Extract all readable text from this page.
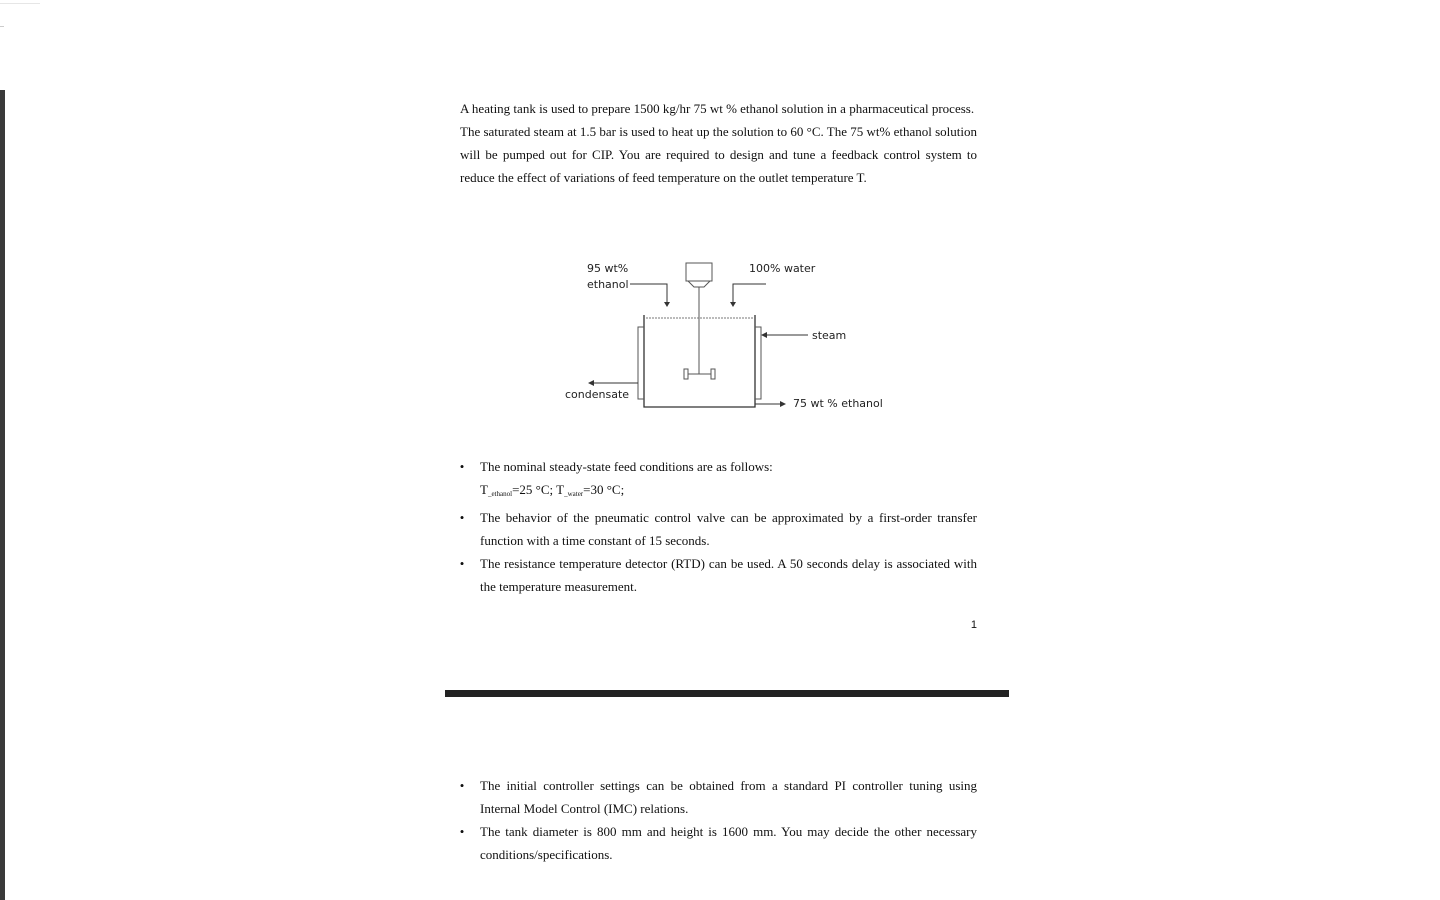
A heating tank is used to prepare 1500 kg/hr 75 wt % ethanol solution in a pharmaceutical process.

The saturated steam at 1.5 bar is used to heat up the solution to 60 °C. The 75 wt% ethanol solution will be pumped out for CIP. You are required to design and tune a feedback control system to reduce the effect of variations of feed temperature on the outlet temperature T.

95 wt%
ethanol
100% water
steam
condensate
75 wt % ethanol
•	The nominal steady-state feed conditions are as follows:
$T_{\_ethanol}=25$ °C; $T_{\_water}=30$ °C;
•	The behavior of the pneumatic control valve can be approximated by a first-order transfer function with a time constant of 15 seconds.
•	The resistance temperature detector (RTD) can be used. A 50 seconds delay is associated with the temperature measurement.
1
•	The initial controller settings can be obtained from a standard PI controller tuning using Internal Model Control (IMC) relations.
•	The tank diameter is 800 mm and height is 1600 mm. You may decide the other necessary conditions/specifications.
